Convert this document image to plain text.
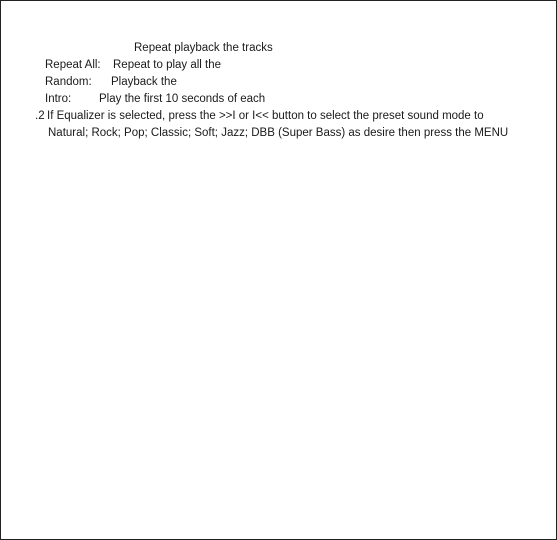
Repeat playback the tracks
Repeat All: Repeat to play all the
Random: Playback the
Intro: Play the first 10 seconds of each
.2 If Equalizer is selected, press the >>I or I<< button to select the preset sound mode to
Natural; Rock; Pop; Classic; Soft; Jazz; DBB (Super Bass) as desire then press the MENU
